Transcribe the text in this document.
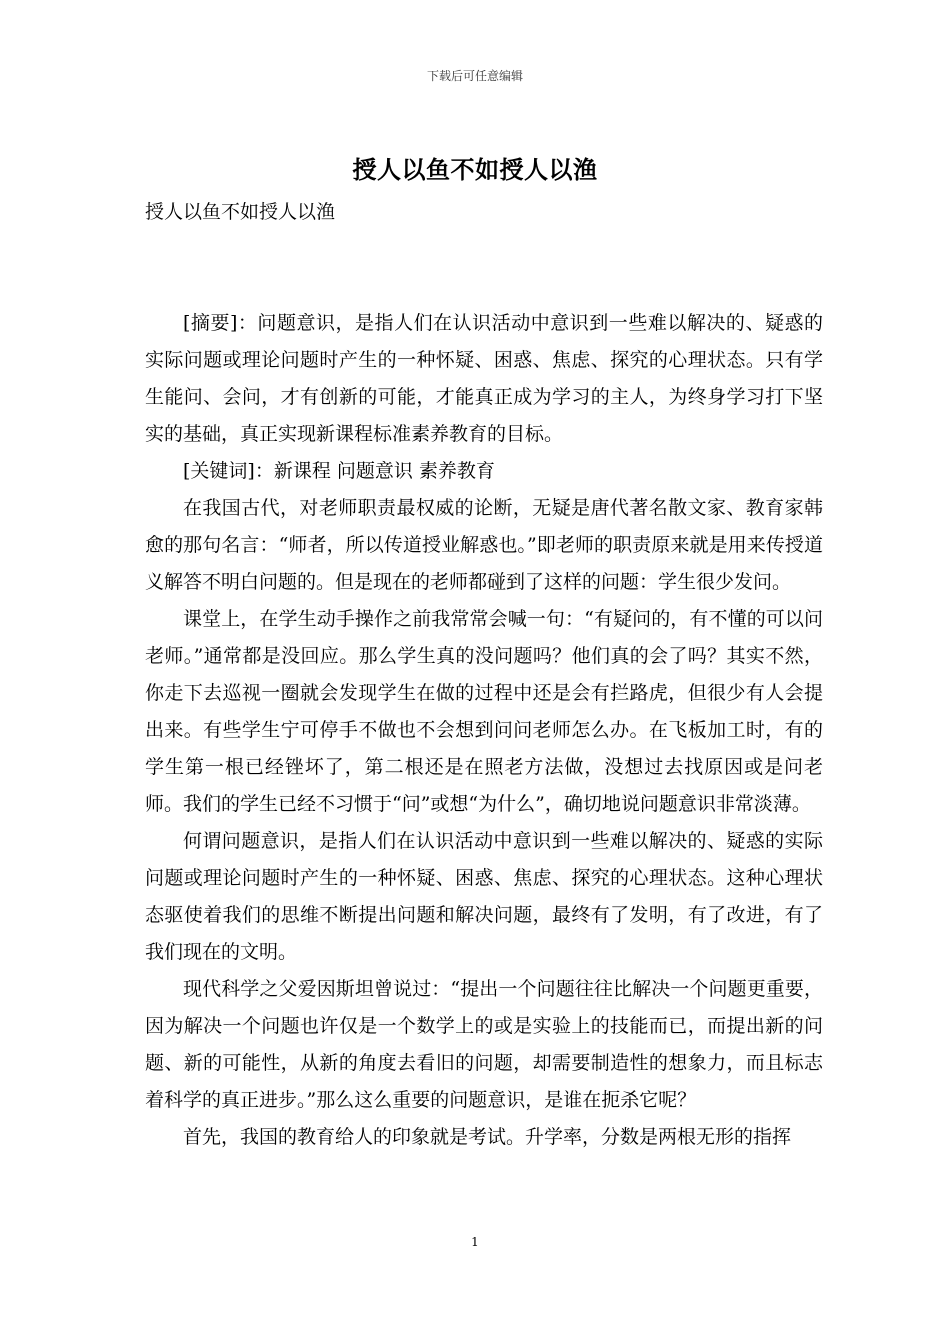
下载后可任意编辑
授人以鱼不如授人以渔

授人以鱼不如授人以渔

[摘要]：问题意识，是指人们在认识活动中意识到一些难以解决的、疑惑的实际问题或理论问题时产生的一种怀疑、困惑、焦虑、探究的心理状态。只有学生能问、会问，才有创新的可能，才能真正成为学习的主人，为终身学习打下坚实的基础，真正实现新课程标准素养教育的目标。

[关键词]：新课程 问题意识 素养教育

在我国古代，对老师职责最权威的论断，无疑是唐代著名散文家、教育家韩愈的那句名言：“师者，所以传道授业解惑也。”即老师的职责原来就是用来传授道义解答不明白问题的。但是现在的老师都碰到了这样的问题：学生很少发问。

课堂上，在学生动手操作之前我常常会喊一句：“有疑问的，有不懂的可以问老师。”通常都是没回应。那么学生真的没问题吗？他们真的会了吗？其实不然，你走下去巡视一圈就会发现学生在做的过程中还是会有拦路虎，但很少有人会提出来。有些学生宁可停手不做也不会想到问问老师怎么办。在飞板加工时，有的学生第一根已经锉坏了，第二根还是在照老方法做，没想过去找原因或是问老师。我们的学生已经不习惯于“问”或想“为什么”，确切地说问题意识非常淡薄。

何谓问题意识，是指人们在认识活动中意识到一些难以解决的、疑惑的实际问题或理论问题时产生的一种怀疑、困惑、焦虑、探究的心理状态。这种心理状态驱使着我们的思维不断提出问题和解决问题，最终有了发明，有了改进，有了我们现在的文明。

现代科学之父爱因斯坦曾说过：“提出一个问题往往比解决一个问题更重要，因为解决一个问题也许仅是一个数学上的或是实验上的技能而已，而提出新的问题、新的可能性，从新的角度去看旧的问题，却需要制造性的想象力，而且标志着科学的真正进步。”那么这么重要的问题意识，是谁在扼杀它呢？

首先，我国的教育给人的印象就是考试。升学率，分数是两根无形的指挥

1
